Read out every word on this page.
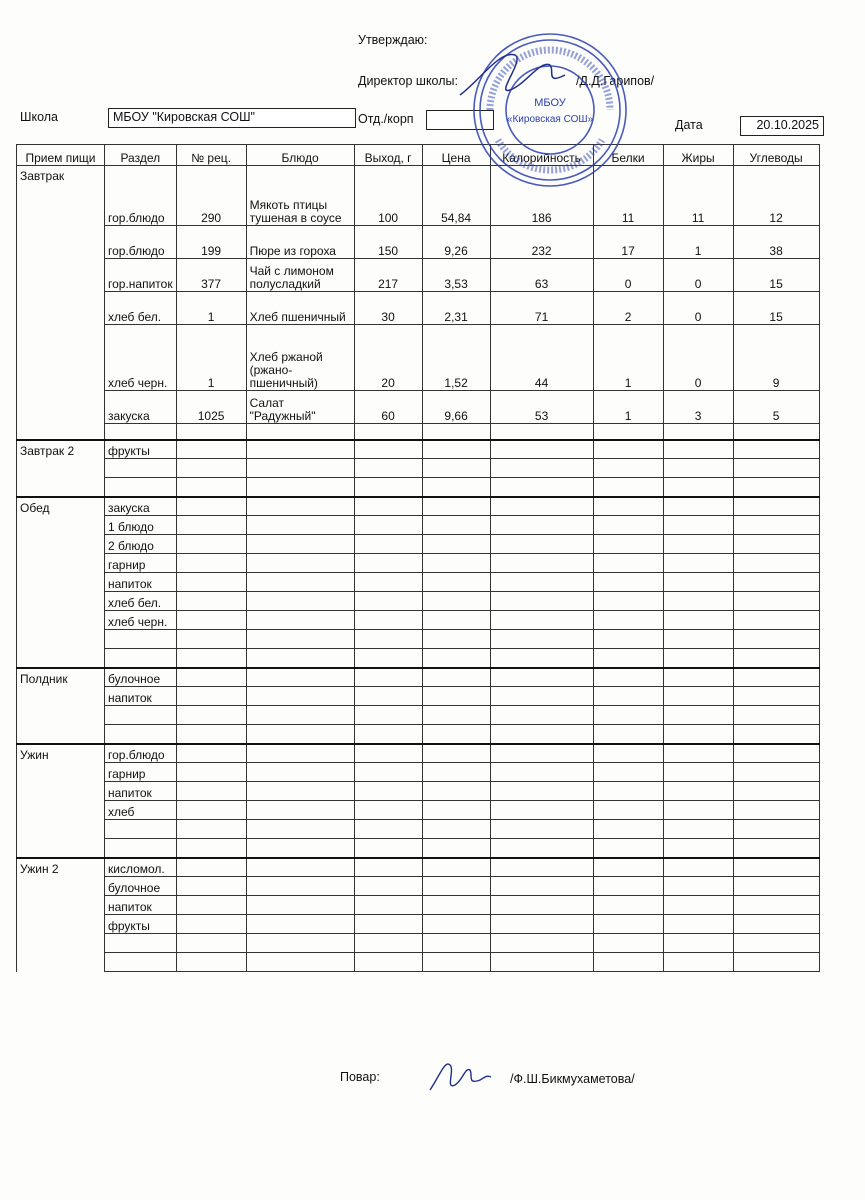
Утверждаю:
Директор школы:	/Д.Д.Гарипов/
Школа	МБОУ "Кировская СОШ"	Отд./корп	Дата	20.10.2025
Прием пищи	Раздел	№ рец.	Блюдо	Выход, г	Цена	Калорийность	Белки	Жиры	Углеводы
Завтрак	гор.блюдо	290	Мякоть птицы тушеная в соусе	100	54,84	186	11	11	12
	гор.блюдо	199	Пюре из гороха	150	9,26	232	17	1	38
	гор.напиток	377	Чай с лимоном полусладкий	217	3,53	63	0	0	15
	хлеб бел.	1	Хлеб пшеничный	30	2,31	71	2	0	15
	хлеб черн.	1	Хлеб ржаной (ржано-пшеничный)	20	1,52	44	1	0	9
	закуска	1025	Салат "Радужный"	60	9,66	53	1	3	5

Завтрак 2	фрукты								

Обед	закуска								
	1 блюдо								
	2 блюдо								
	гарнир								
	напиток								
	хлеб бел.								
	хлеб черн.								

Полдник	булочное								
	напиток								

Ужин	гор.блюдо								
	гарнир								
	напиток								
	хлеб								

Ужин 2	кисломол.								
	булочное								
	напиток								
	фрукты								

МБОУ
«Кировская СОШ»
Повар:	/Ф.Ш.Бикмухаметова/
